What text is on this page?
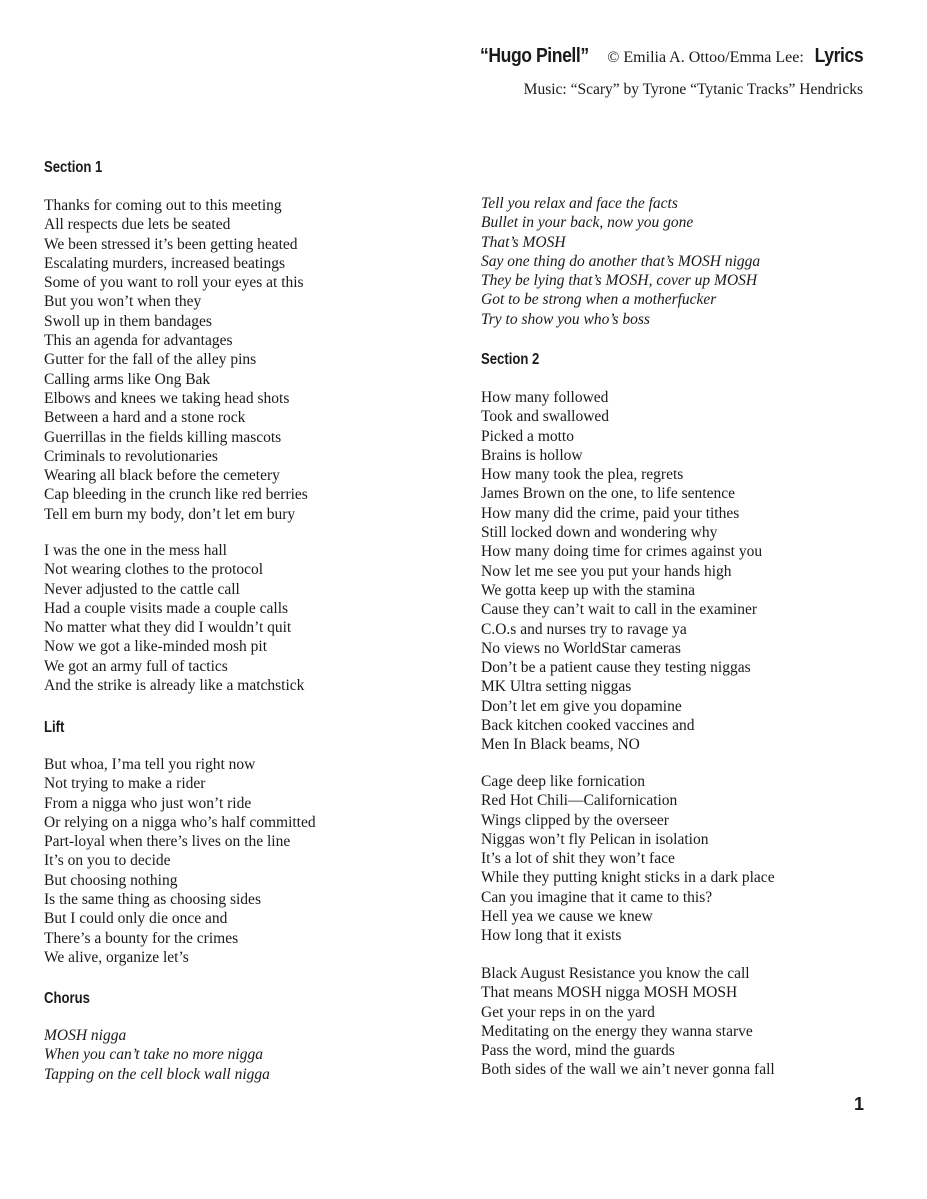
“Hugo Pinell” © Emilia A. Ottoo/Emma Lee: Lyrics
Music: “Scary” by Tyrone “Tytanic Tracks” Hendricks
Section 1
Thanks for coming out to this meeting
All respects due lets be seated
We been stressed it’s been getting heated
Escalating murders, increased beatings
Some of you want to roll your eyes at this
But you won’t when they
Swoll up in them bandages
This an agenda for advantages
Gutter for the fall of the alley pins
Calling arms like Ong Bak
Elbows and knees we taking head shots
Between a hard and a stone rock
Guerrillas in the fields killing mascots
Criminals to revolutionaries
Wearing all black before the cemetery
Cap bleeding in the crunch like red berries
Tell em burn my body, don’t let em bury
I was the one in the mess hall
Not wearing clothes to the protocol
Never adjusted to the cattle call
Had a couple visits made a couple calls
No matter what they did I wouldn’t quit
Now we got a like-minded mosh pit
We got an army full of tactics
And the strike is already like a matchstick
Lift
But whoa, I’ma tell you right now
Not trying to make a rider
From a nigga who just won’t ride
Or relying on a nigga who’s half committed
Part-loyal when there’s lives on the line
It’s on you to decide
But choosing nothing
Is the same thing as choosing sides
But I could only die once and
There’s a bounty for the crimes
We alive, organize let’s
Chorus
MOSH nigga
When you can’t take no more nigga
Tapping on the cell block wall nigga
Tell you relax and face the facts
Bullet in your back, now you gone
That’s MOSH
Say one thing do another that’s MOSH nigga
They be lying that’s MOSH, cover up MOSH
Got to be strong when a motherfucker
Try to show you who’s boss
Section 2
How many followed
Took and swallowed
Picked a motto
Brains is hollow
How many took the plea, regrets
James Brown on the one, to life sentence
How many did the crime, paid your tithes
Still locked down and wondering why
How many doing time for crimes against you
Now let me see you put your hands high
We gotta keep up with the stamina
Cause they can’t wait to call in the examiner
C.O.s and nurses try to ravage ya
No views no WorldStar cameras
Don’t be a patient cause they testing niggas
MK Ultra setting niggas
Don’t let em give you dopamine
Back kitchen cooked vaccines and
Men In Black beams, NO
Cage deep like fornication
Red Hot Chili—Californication
Wings clipped by the overseer
Niggas won’t fly Pelican in isolation
It’s a lot of shit they won’t face
While they putting knight sticks in a dark place
Can you imagine that it came to this?
Hell yea we cause we knew
How long that it exists
Black August Resistance you know the call
That means MOSH nigga MOSH MOSH
Get your reps in on the yard
Meditating on the energy they wanna starve
Pass the word, mind the guards
Both sides of the wall we ain’t never gonna fall
1
